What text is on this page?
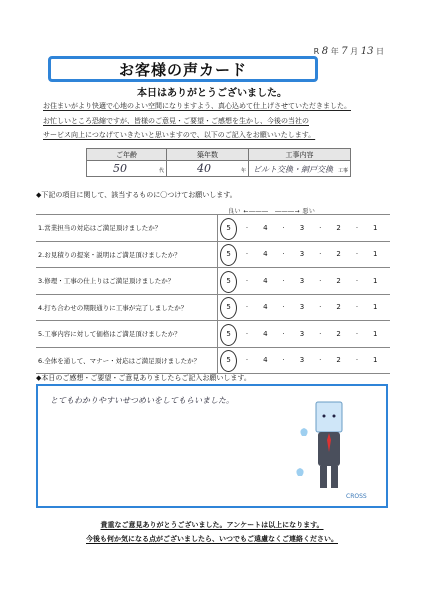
R 8 年 7 月 13 日
お客様の声カード
本日はありがとうございました。
お住まいがより快適で心地のよい空間になりますよう、真心込めて仕上げさせていただきました。
お忙しいところ恐縮ですが、皆様のご意見・ご要望・ご感想を生かし、今後の当社の
サービス向上につなげていきたいと思いますので、以下のご記入をお願いいたします。
ご年齢	築年数	工事内容

50 代	40 年	ビルト交換・網戸交換 工事
◆下記の項目に関して、該当するものに〇つけてお願いします。
良い ←―――　―――→ 悪い
1.営業担当の対応はご満足頂けましたか？	5	·	4	·	3	·	2	·	1
2.お見積りの提案・説明はご満足頂けましたか？	5	·	4	·	3	·	2	·	1
3.修理・工事の仕上りはご満足頂けましたか？	5	·	4	·	3	·	2	·	1
4.打ち合わせの期限通りに工事が完了しましたか？	5	·	4	·	3	·	2	·	1
5.工事内容に対して価格はご満足頂けましたか？	5	·	4	·	3	·	2	·	1
6.全体を通して、マナー・対応はご満足頂けましたか？	5	·	4	·	3	·	2	·	1
◆本日のご感想・ご要望・ご意見ありましたらご記入お願いします。
とてもわかりやすいせつめいをしてもらいました。
CROSS
貴重なご意見ありがとうございました。アンケートは以上になります。
今後も何か気になる点がございましたら、いつでもご遠慮なくご連絡ください。
